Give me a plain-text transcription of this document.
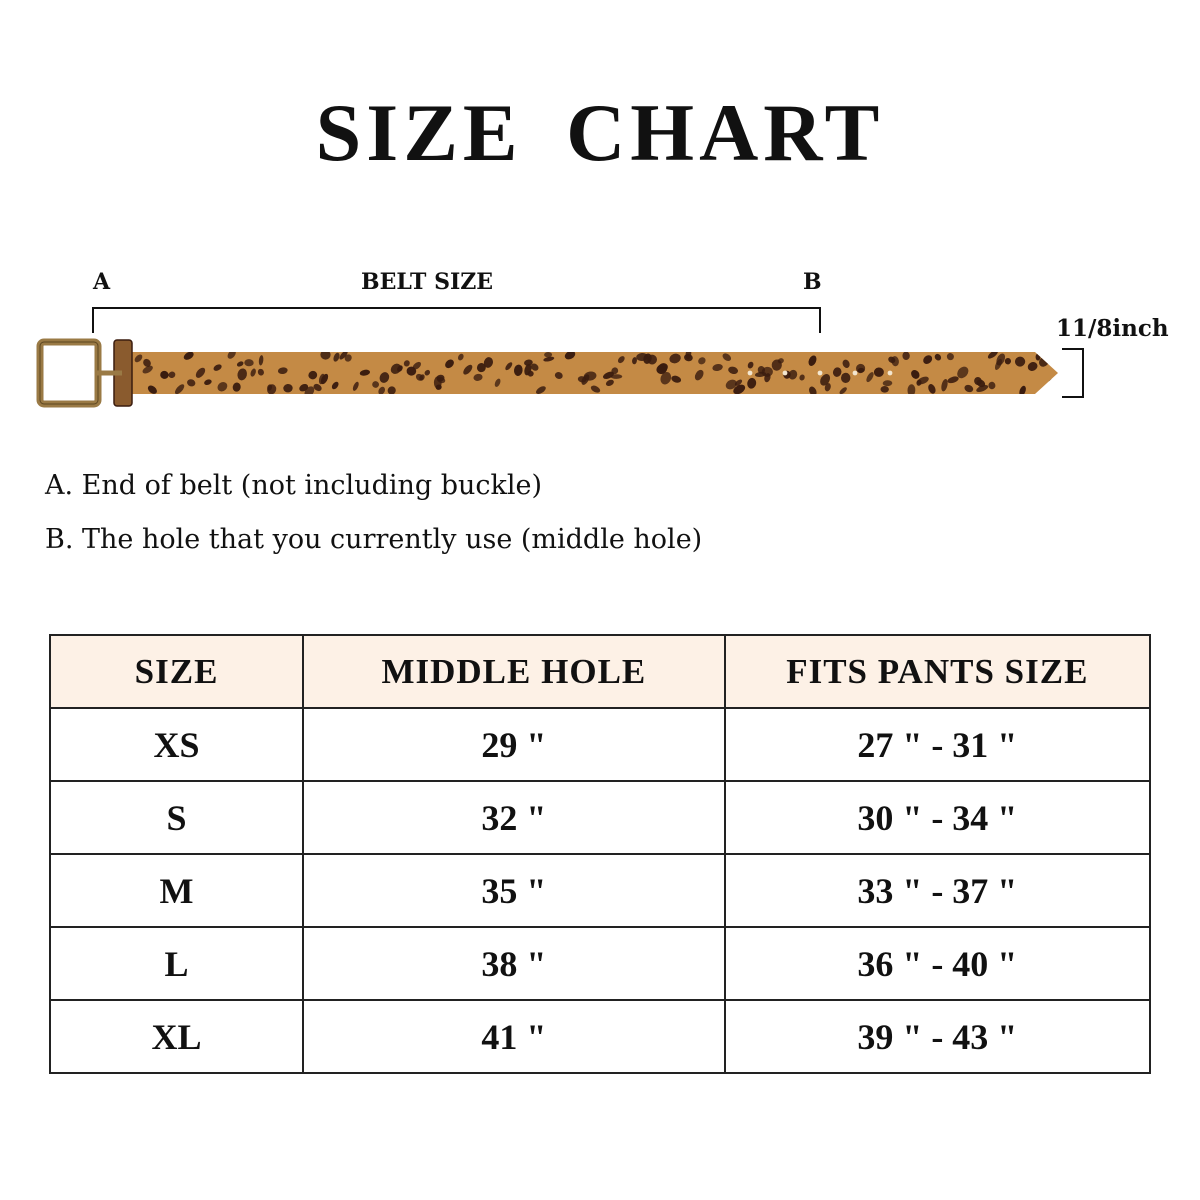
SIZE CHART
A	BELT SIZE	B
11/8inch
A. End of belt (not including buckle)
B. The hole that you currently use (middle hole)
SIZE	MIDDLE HOLE	FITS PANTS SIZE
XS	29 "	27 " - 31 "
S	32 "	30 " - 34 "
M	35 "	33 " - 37 "
L	38 "	36 " - 40 "
XL	41 "	39 " - 43 "
